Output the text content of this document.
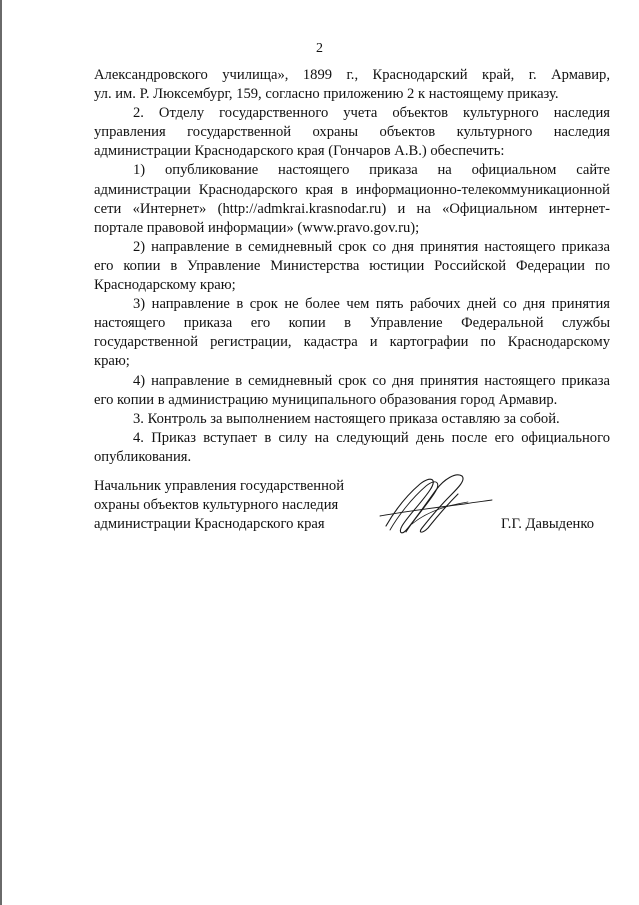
2
Александровского училища», 1899 г., Краснодарский край, г. Армавир,
ул. им. Р. Люксембург, 159, согласно приложению 2 к настоящему приказу.
2. Отделу государственного учета объектов культурного наследия
управления государственной охраны объектов культурного наследия
администрации Краснодарского края (Гончаров А.В.) обеспечить:
1) опубликование настоящего приказа на официальном сайте
администрации Краснодарского края в информационно-телекоммуникационной
сети «Интернет» (http://admkrai.krasnodar.ru) и на «Официальном интернет-
портале правовой информации» (www.pravo.gov.ru);
2) направление в семидневный срок со дня принятия настоящего приказа
его копии в Управление Министерства юстиции Российской Федерации по
Краснодарскому краю;
3) направление в срок не более чем пять рабочих дней со дня принятия
настоящего приказа его копии в Управление Федеральной службы
государственной регистрации, кадастра и картографии по Краснодарскому
краю;
4) направление в семидневный срок со дня принятия настоящего приказа
его копии в администрацию муниципального образования город Армавир.
3. Контроль за выполнением настоящего приказа оставляю за собой.
4. Приказ вступает в силу на следующий день после его официального
опубликования.
Начальник управления государственной
охраны объектов культурного наследия
администрации Краснодарского края	Г.Г. Давыденко
